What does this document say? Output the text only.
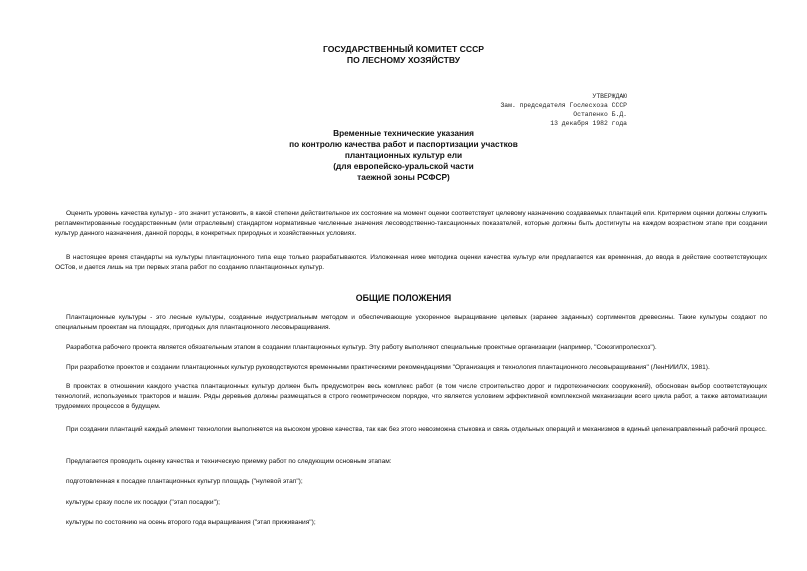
ГОСУДАРСТВЕННЫЙ КОМИТЕТ СССР
ПО ЛЕСНОМУ ХОЗЯЙСТВУ
УТВЕРЖДАЮ
Зам. председателя Гослесхоза СССР
Остапенко Б.Д.
13 декабря 1982 года
Временные технические указания
по контролю качества работ и паспортизации участков
плантационных культур ели
(для европейско-уральской части
таежной зоны РСФСР)

Оценить уровень качества культур - это значит установить, в какой степени действительное их состояние на момент оценки соответствует целевому назначению создаваемых плантаций ели. Критерием оценки должны служить регламентированные государственным (или отраслевым) стандартом нормативные численные значения лесоводственно-таксационных показателей, которые должны быть достигнуты на каждом возрастном этапе при создании культур данного назначения, данной породы, в конкретных природных и хозяйственных условиях.

В настоящее время стандарты на культуры плантационного типа еще только разрабатываются. Изложенная ниже методика оценки качества культур ели предлагается как временная, до ввода в действие соответствующих ОСТов, и дается лишь на три первых этапа работ по созданию плантационных культур.

ОБЩИЕ ПОЛОЖЕНИЯ

Плантационные культуры - это лесные культуры, созданные индустриальным методом и обеспечивающие ускоренное выращивание целевых (заранее заданных) сортиментов древесины. Такие культуры создают по специальным проектам на площадях, пригодных для плантационного лесовыращивания.

Разработка рабочего проекта является обязательным этапом в создании плантационных культур. Эту работу выполняют специальные проектные организации (например, "Союзгипролесхоз").

При разработке проектов и создании плантационных культур руководствуются временными практическими рекомендациями "Организация и технология плантационного лесовыращивания" (ЛенНИИЛХ, 1981).

В проектах в отношении каждого участка плантационных культур должен быть предусмотрен весь комплекс работ (в том числе строительство дорог и гидротехнических сооружений), обоснован выбор соответствующих технологий, используемых тракторов и машин. Ряды деревьев должны размещаться в строго геометрическом порядке, что является условием эффективной комплексной механизации всего цикла работ, а также автоматизации трудоемких процессов в будущем.

При создании плантаций каждый элемент технологии выполняется на высоком уровне качества, так как без этого невозможна стыковка и связь отдельных операций и механизмов в единый целенаправленный рабочий процесс.

Предлагается проводить оценку качества и техническую приемку работ по следующим основным этапам:

подготовленная к посадке плантационных культур площадь ("нулевой этап");

культуры сразу после их посадки ("этап посадки");

культуры по состоянию на осень второго года выращивания ("этап приживания");
